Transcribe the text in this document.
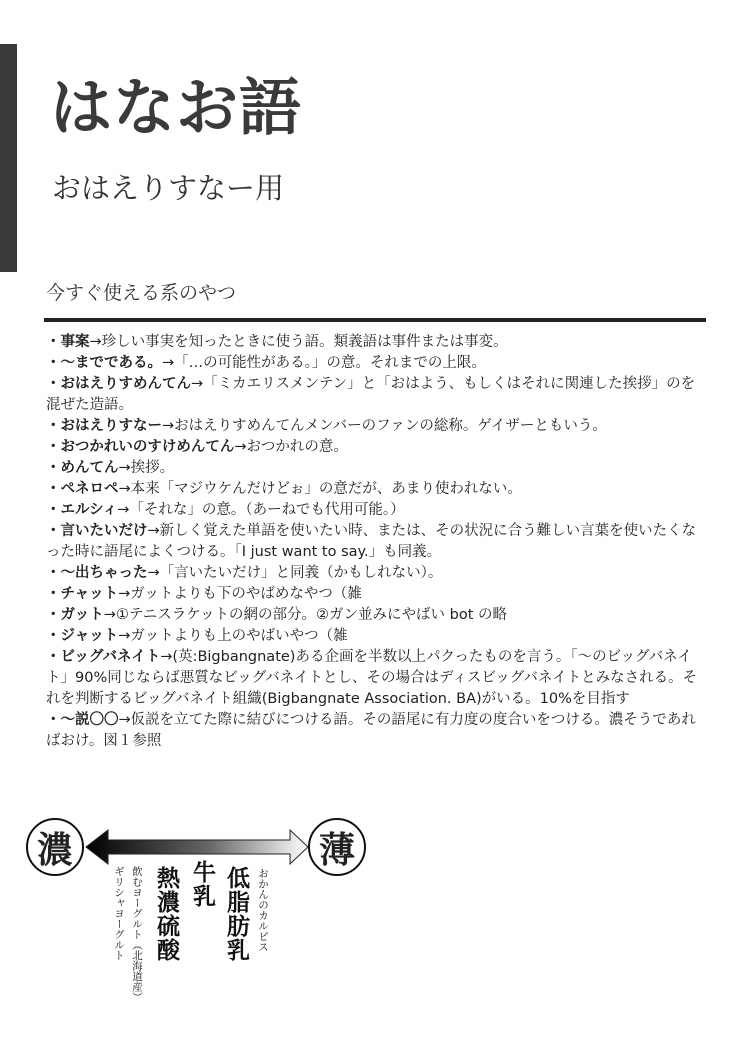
はなお語
おはえりすなー用
今すぐ使える系のやつ

・事案→珍しい事実を知ったときに使う語。類義語は事件または事変。

・～までである。→「…の可能性がある。」の意。それまでの上限。

・おはえりすめんてん→「ミカエリスメンテン」と「おはよう、もしくはそれに関連した挨拶」のを混ぜた造語。

・おはえりすなー→おはえりすめんてんメンバーのファンの総称。ゲイザーともいう。

・おつかれいのすけめんてん→おつかれの意。

・めんてん→挨拶。

・ペネロペ→本来「マジウケんだけどぉ」の意だが、あまり使われない。

・エルシィ→「それな」の意。（あーねでも代用可能。）

・言いたいだけ→新しく覚えた単語を使いたい時、または、その状況に合う難しい言葉を使いたくなった時に語尾によくつける。「I just want to say.」も同義。

・～出ちゃった→「言いたいだけ」と同義（かもしれない）。

・チャット→ガットよりも下のやばめなやつ（雑

・ガット→①テニスラケットの網の部分。②ガン並みにやばい bot の略

・ジャット→ガットよりも上のやばいやつ（雑

・ビッグバネイト→(英:Bigbangnate)ある企画を半数以上パクったものを言う。「～のビッグバネイト」90%同じならば悪質なビッグバネイトとし、その場合はディスビッグバネイトとみなされる。それを判断するビッグバネイト組織(Bigbangnate Association. BA)がいる。10%を目指す

・～説〇〇→仮説を立てた際に結びにつける語。その語尾に有力度の度合いをつける。濃そうであればおけ。図１参照

濃	薄
ギリシャヨーグルト 飲むヨーグルト（北海道産） 熱濃硫酸 牛乳 低脂肪乳 おかんのカルピス
